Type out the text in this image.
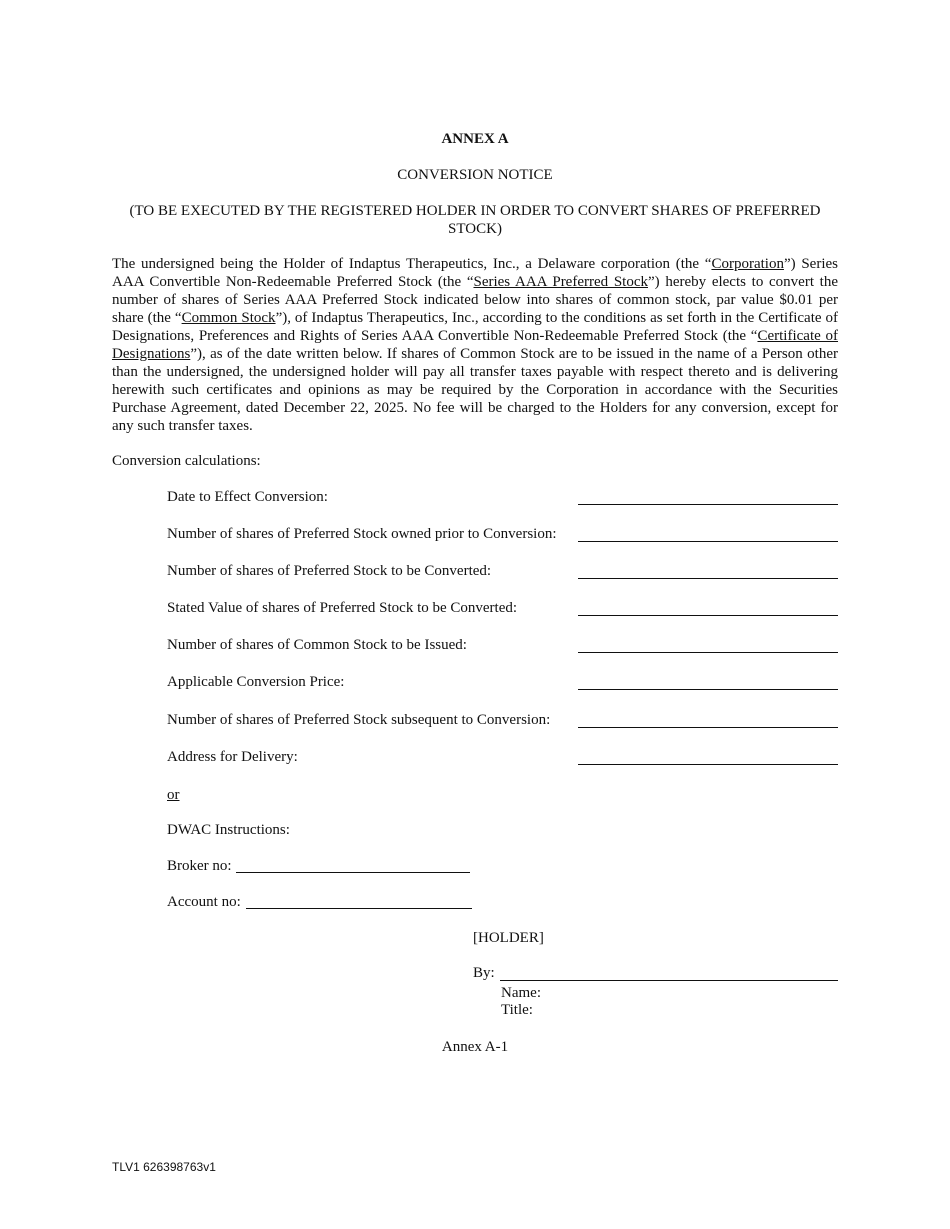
ANNEX A
CONVERSION NOTICE
(TO BE EXECUTED BY THE REGISTERED HOLDER IN ORDER TO CONVERT SHARES OF PREFERRED STOCK)
The undersigned being the Holder of Indaptus Therapeutics, Inc., a Delaware corporation (the “Corporation”) Series AAA Convertible Non-Redeemable Preferred Stock (the “Series AAA Preferred Stock”) hereby elects to convert the number of shares of Series AAA Preferred Stock indicated below into shares of common stock, par value $0.01 per share (the “Common Stock”), of Indaptus Therapeutics, Inc., according to the conditions as set forth in the Certificate of Designations, Preferences and Rights of Series AAA Convertible Non-Redeemable Preferred Stock (the “Certificate of Designations”), as of the date written below. If shares of Common Stock are to be issued in the name of a Person other than the undersigned, the undersigned holder will pay all transfer taxes payable with respect thereto and is delivering herewith such certificates and opinions as may be required by the Corporation in accordance with the Securities Purchase Agreement, dated December 22, 2025. No fee will be charged to the Holders for any conversion, except for any such transfer taxes.
Conversion calculations:
Date to Effect Conversion:
Number of shares of Preferred Stock owned prior to Conversion:
Number of shares of Preferred Stock to be Converted:
Stated Value of shares of Preferred Stock to be Converted:
Number of shares of Common Stock to be Issued:
Applicable Conversion Price:
Number of shares of Preferred Stock subsequent to Conversion:
Address for Delivery:
or
DWAC Instructions:
Broker no:
Account no:
[HOLDER]
By:
Name:
Title:
Annex A-1
TLV1 626398763v1
